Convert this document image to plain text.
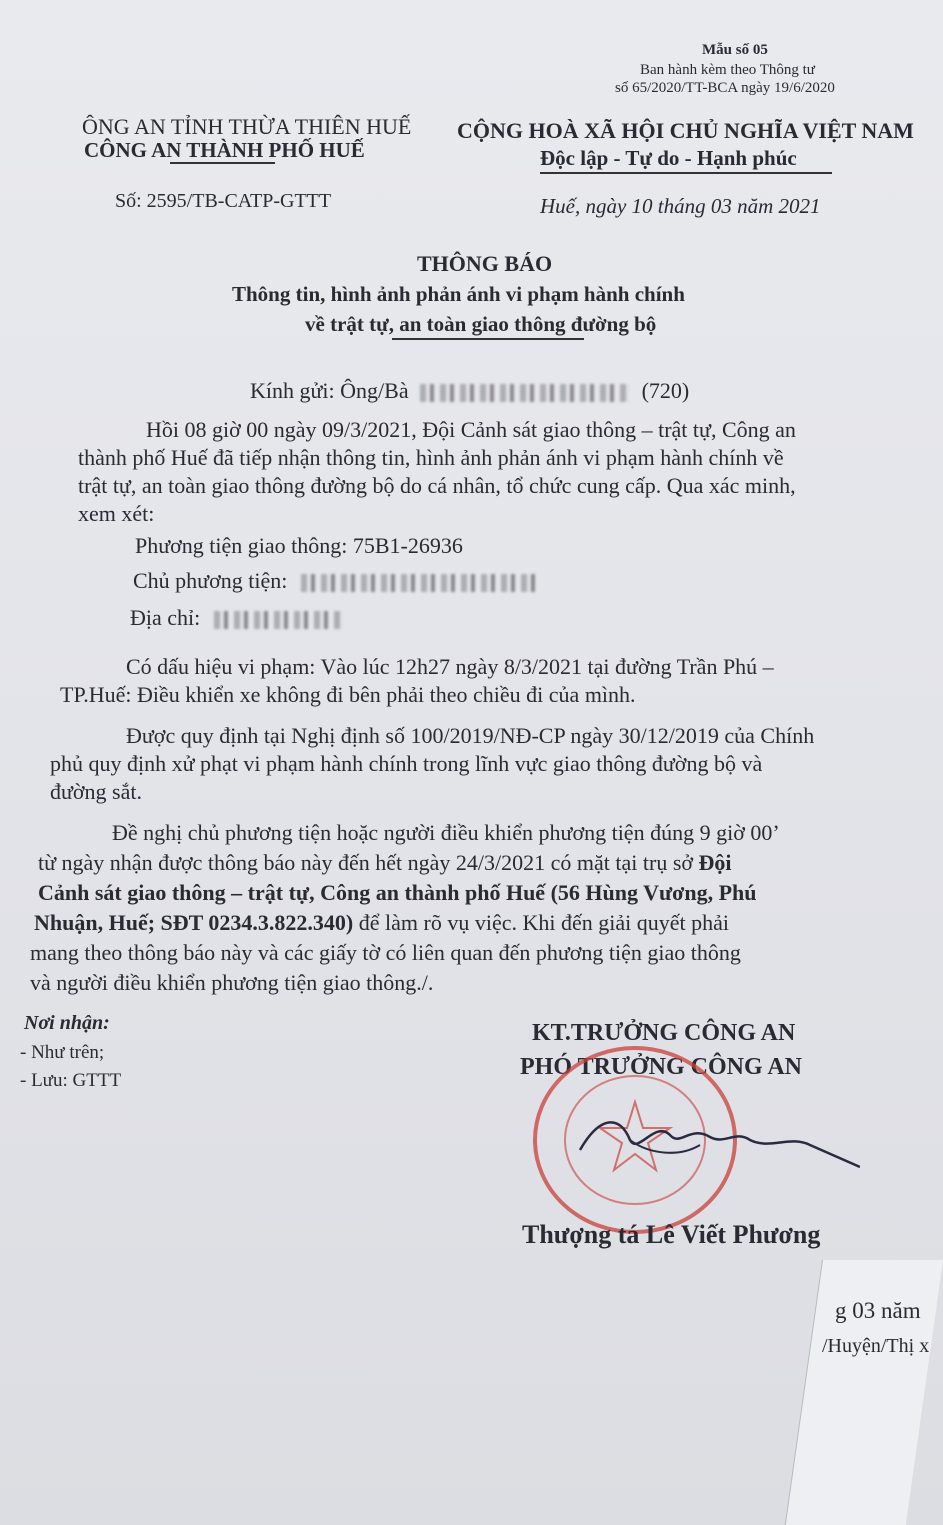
Mẫu số 05
Ban hành kèm theo Thông tư
số 65/2020/TT-BCA ngày 19/6/2020
ÔNG AN TỈNH THỪA THIÊN HUẾ
CÔNG AN THÀNH PHỐ HUẾ
Số: 2595/TB-CATP-GTTT
CỘNG HOÀ XÃ HỘI CHỦ NGHĨA VIỆT NAM
Độc lập - Tự do - Hạnh phúc
Huế, ngày 10 tháng 03 năm 2021
THÔNG BÁO
Thông tin, hình ảnh phản ánh vi phạm hành chính
về trật tự, an toàn giao thông đường bộ
Kính gửi: Ông/Bà	(720)
Hồi 08 giờ 00 ngày 09/3/2021, Đội Cảnh sát giao thông – trật tự, Công an
thành phố Huế đã tiếp nhận thông tin, hình ảnh phản ánh vi phạm hành chính về
trật tự, an toàn giao thông đường bộ do cá nhân, tổ chức cung cấp. Qua xác minh,
xem xét:
Phương tiện giao thông: 75B1-26936
Chủ phương tiện:
Địa chỉ:
Có dấu hiệu vi phạm: Vào lúc 12h27 ngày 8/3/2021 tại đường Trần Phú –
TP.Huế: Điều khiển xe không đi bên phải theo chiều đi của mình.
Được quy định tại Nghị định số 100/2019/NĐ-CP ngày 30/12/2019 của Chính
phủ quy định xử phạt vi phạm hành chính trong lĩnh vực giao thông đường bộ và
đường sắt.
Đề nghị chủ phương tiện hoặc người điều khiển phương tiện đúng 9 giờ 00’
từ ngày nhận được thông báo này đến hết ngày 24/3/2021 có mặt tại trụ sở Đội
Cảnh sát giao thông – trật tự, Công an thành phố Huế (56 Hùng Vương, Phú
Nhuận, Huế; SĐT 0234.3.822.340) để làm rõ vụ việc. Khi đến giải quyết phải
mang theo thông báo này và các giấy tờ có liên quan đến phương tiện giao thông
và người điều khiển phương tiện giao thông./.
Nơi nhận:
- Như trên;
- Lưu: GTTT
KT.TRƯỞNG CÔNG AN
PHÓ TRƯỞNG CÔNG AN
Thượng tá Lê Viết Phương
g 03 năm
/Huyện/Thị x
